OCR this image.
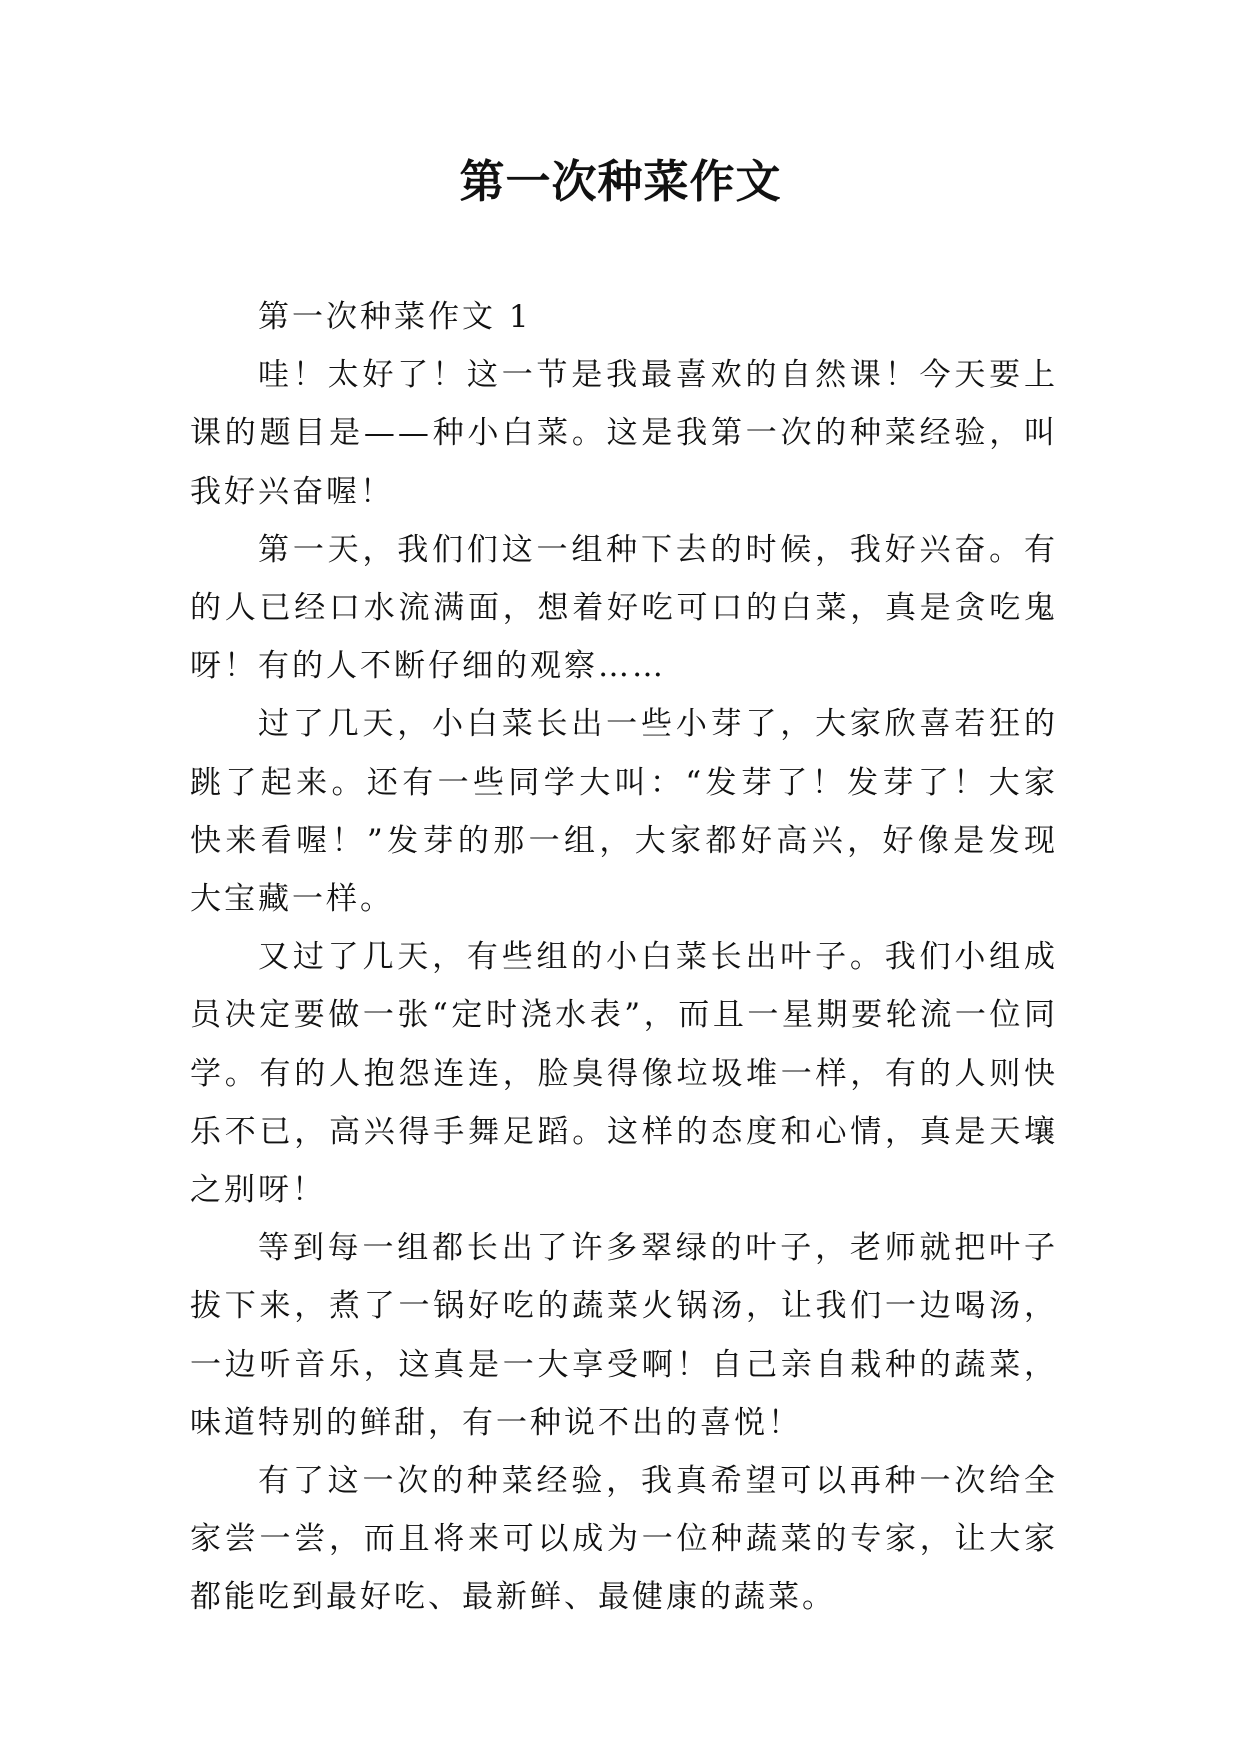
第一次种菜作文

第一次种菜作文 1

哇！太好了！这一节是我最喜欢的自然课！今天要上课的题目是——种小白菜。这是我第一次的种菜经验，叫我好兴奋喔！

第一天，我们们这一组种下去的时候，我好兴奋。有的人已经口水流满面，想着好吃可口的白菜，真是贪吃鬼呀！有的人不断仔细的观察……

过了几天，小白菜长出一些小芽了，大家欣喜若狂的跳了起来。还有一些同学大叫：“发芽了！发芽了！大家快来看喔！”发芽的那一组，大家都好高兴，好像是发现大宝藏一样。

又过了几天，有些组的小白菜长出叶子。我们小组成员决定要做一张“定时浇水表”，而且一星期要轮流一位同学。有的人抱怨连连，脸臭得像垃圾堆一样，有的人则快乐不已，高兴得手舞足蹈。这样的态度和心情，真是天壤之别呀！

等到每一组都长出了许多翠绿的叶子，老师就把叶子拔下来，煮了一锅好吃的蔬菜火锅汤，让我们一边喝汤，一边听音乐，这真是一大享受啊！自己亲自栽种的蔬菜，味道特别的鲜甜，有一种说不出的喜悦！

有了这一次的种菜经验，我真希望可以再种一次给全家尝一尝，而且将来可以成为一位种蔬菜的专家，让大家都能吃到最好吃、最新鲜、最健康的蔬菜。
